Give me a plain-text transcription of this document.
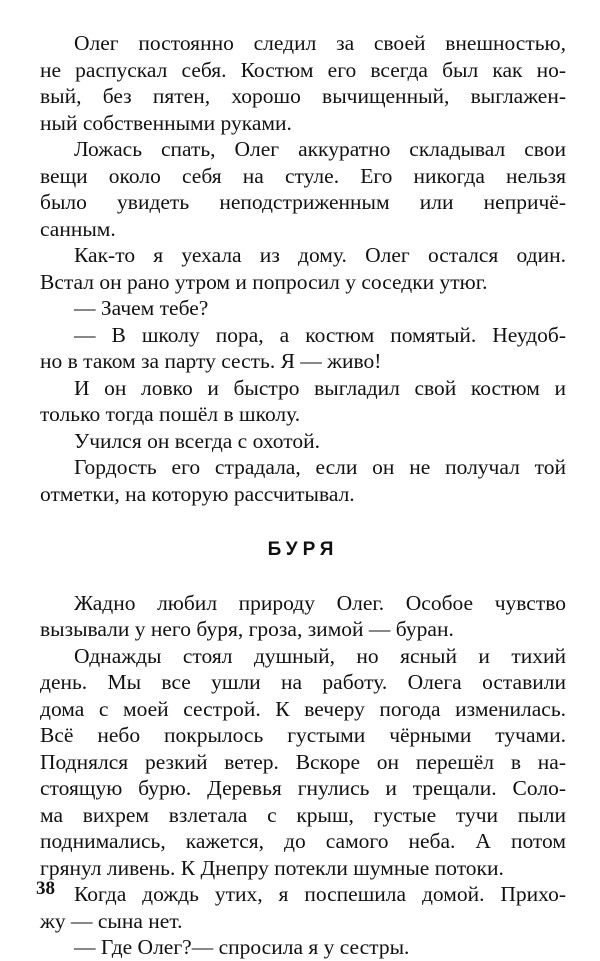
Олег постоянно следил за своей внешностью,
не распускал себя. Костюм его всегда был как но-
вый, без пятен, хорошо вычищенный, выглажен-
ный собственными руками.
Ложась спать, Олег аккуратно складывал свои
вещи около себя на стуле. Его никогда нельзя
было увидеть неподстриженным или непричё-
санным.
Как-то я уехала из дому. Олег остался один.
Встал он рано утром и попросил у соседки утюг.
— Зачем тебе?
— В школу пора, а костюм помятый. Неудоб-
но в таком за парту сесть. Я — живо!
И он ловко и быстро выгладил свой костюм и
только тогда пошёл в школу.
Учился он всегда с охотой.
Гордость его страдала, если он не получал той
отметки, на которую рассчитывал.
БУРЯ
Жадно любил природу Олег. Особое чувство
вызывали у него буря, гроза, зимой — буран.
Однажды стоял душный, но ясный и тихий
день. Мы все ушли на работу. Олега оставили
дома с моей сестрой. К вечеру погода изменилась.
Всё небо покрылось густыми чёрными тучами.
Поднялся резкий ветер. Вскоре он перешёл в на-
стоящую бурю. Деревья гнулись и трещали. Соло-
ма вихрем взлетала с крыш, густые тучи пыли
поднимались, кажется, до самого неба. А потом
грянул ливень. К Днепру потекли шумные потоки.
Когда дождь утих, я поспешила домой. Прихо-
жу — сына нет.
— Где Олег?— спросила я у сестры.
38
